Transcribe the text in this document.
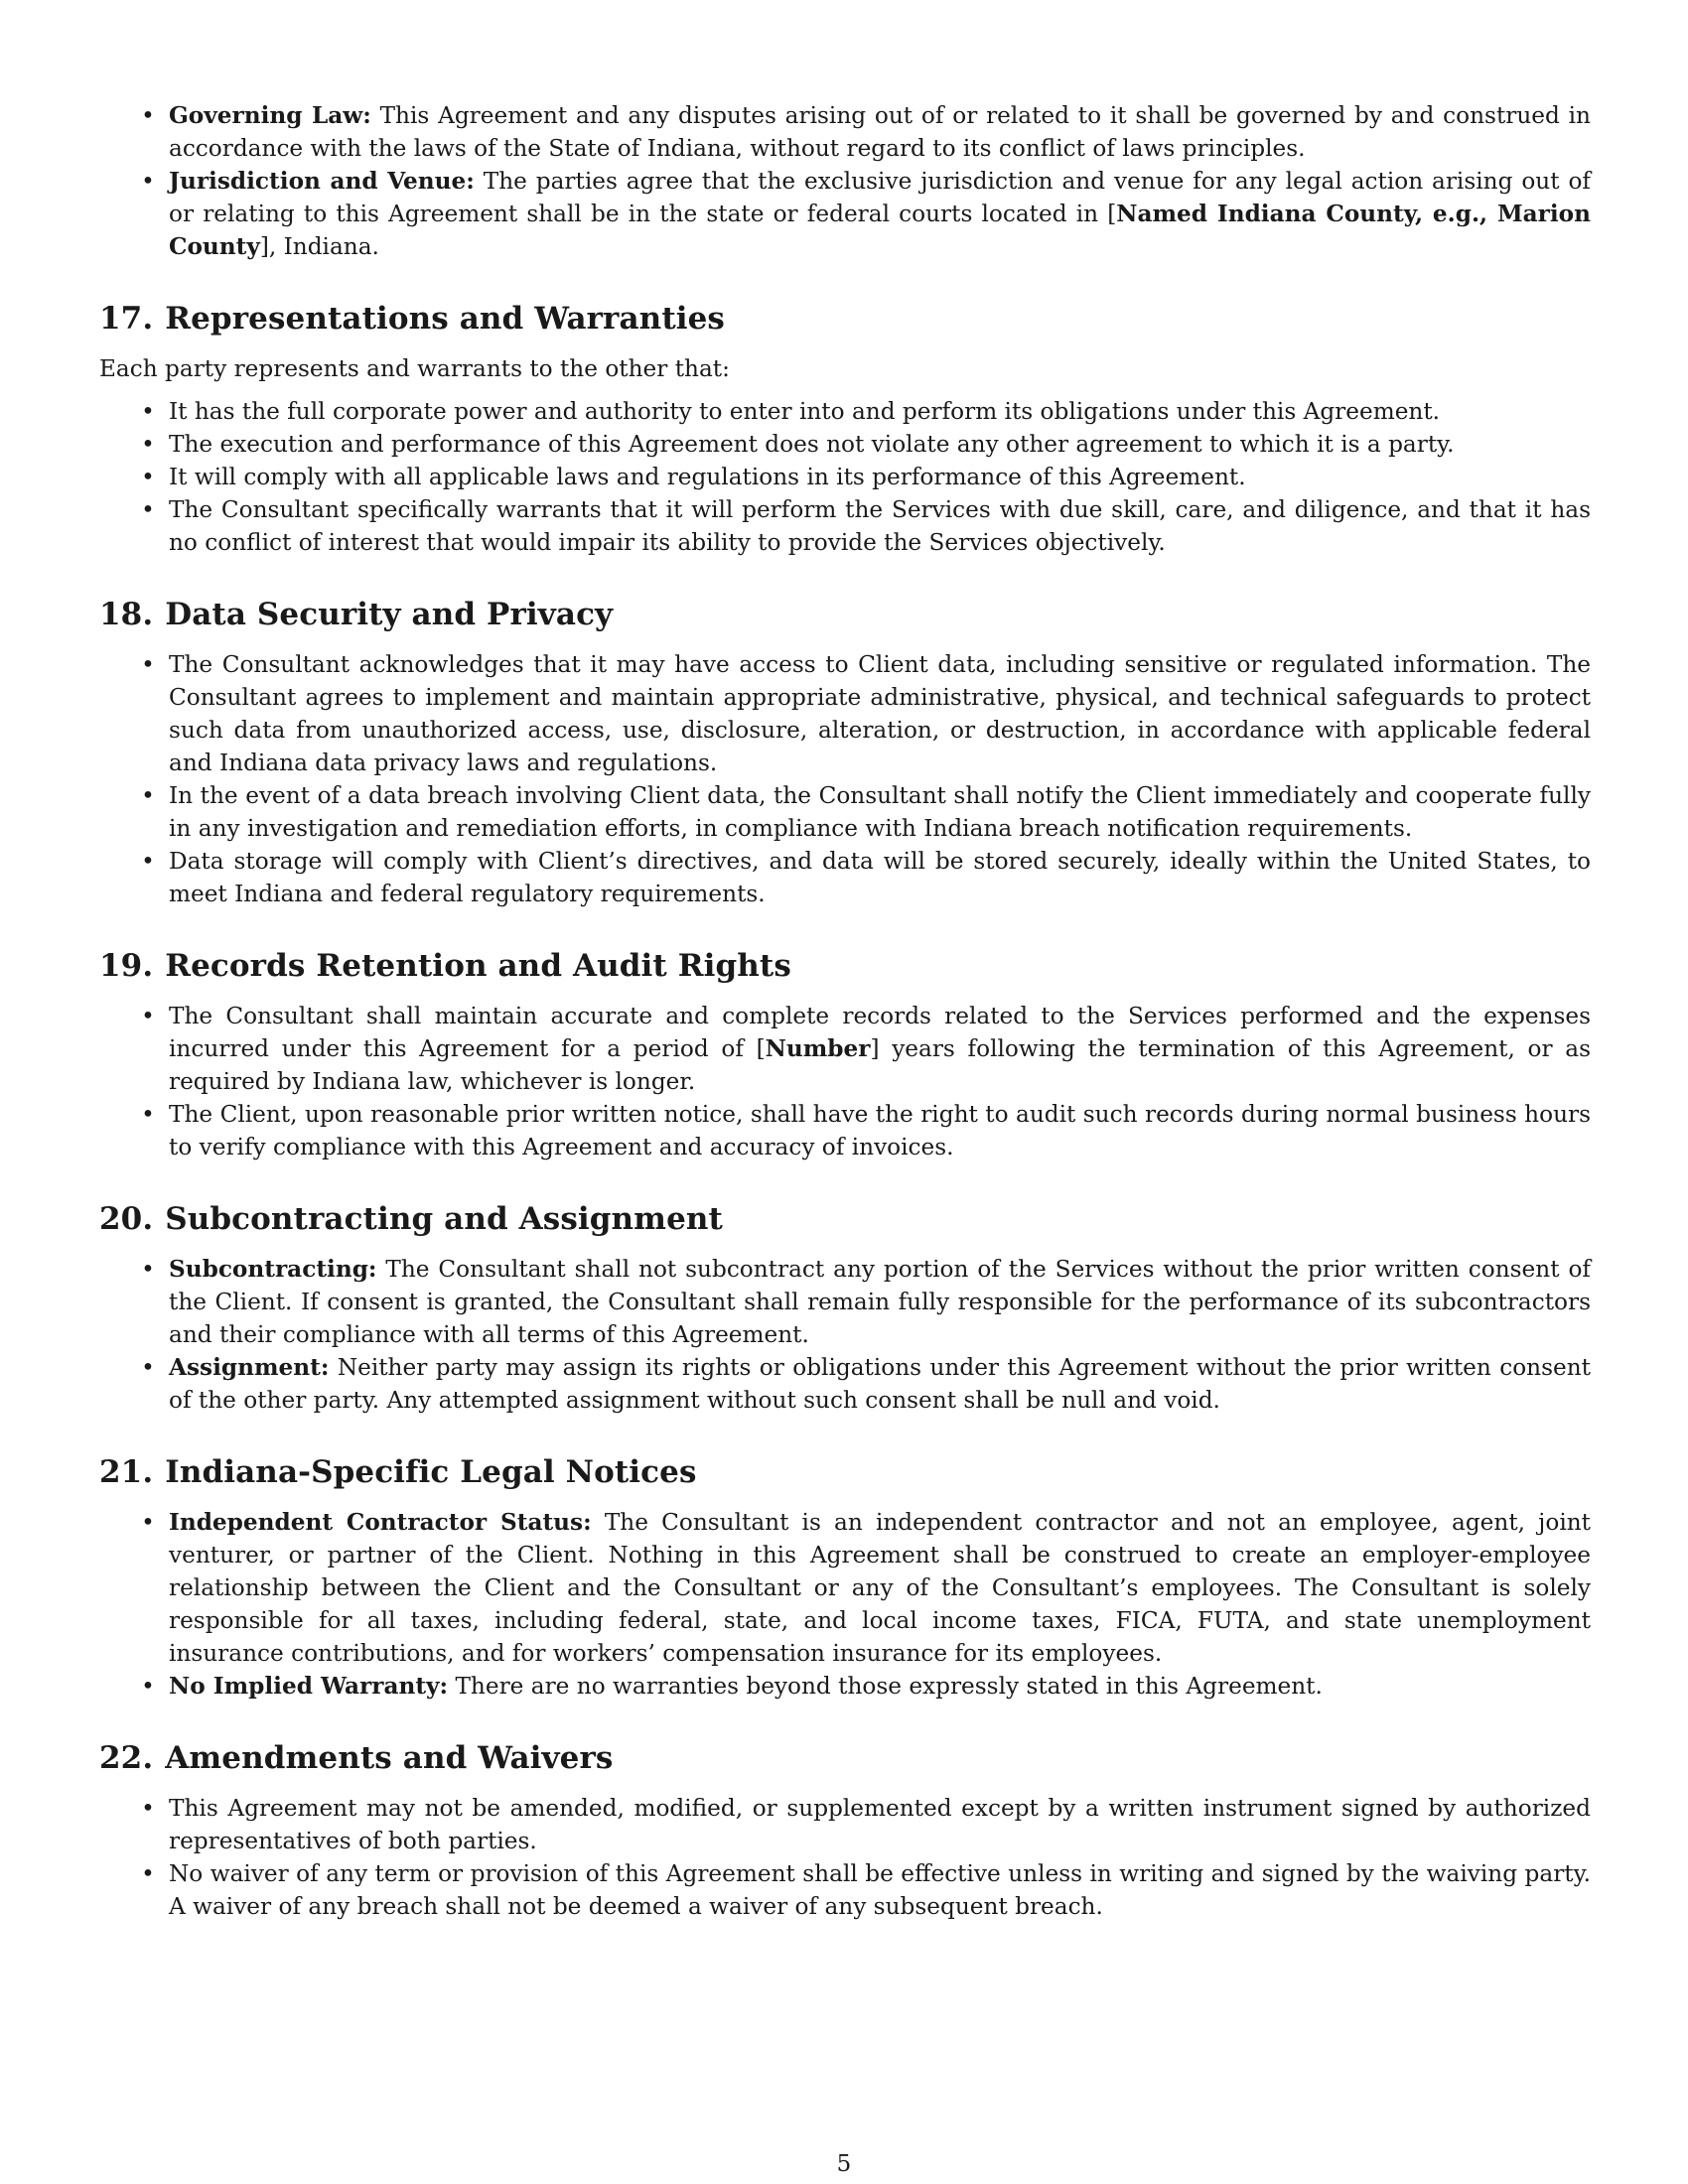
• Governing Law: This Agreement and any disputes arising out of or related to it shall be governed by and construed in accordance with the laws of the State of Indiana, without regard to its conflict of laws principles.
• Jurisdiction and Venue: The parties agree that the exclusive jurisdiction and venue for any legal action arising out of or relating to this Agreement shall be in the state or federal courts located in [Named Indiana County, e.g., Marion County], Indiana.
17. Representations and Warranties

Each party represents and warrants to the other that:

• It has the full corporate power and authority to enter into and perform its obligations under this Agreement.
• The execution and performance of this Agreement does not violate any other agreement to which it is a party.
• It will comply with all applicable laws and regulations in its performance of this Agreement.
• The Consultant specifically warrants that it will perform the Services with due skill, care, and diligence, and that it has no conflict of interest that would impair its ability to provide the Services objectively.
18. Data Security and Privacy
• The Consultant acknowledges that it may have access to Client data, including sensitive or regulated information. The Consultant agrees to implement and maintain appropriate administrative, physical, and technical safeguards to protect such data from unauthorized access, use, disclosure, alteration, or destruction, in accordance with applicable federal and Indiana data privacy laws and regulations.
• In the event of a data breach involving Client data, the Consultant shall notify the Client immediately and cooperate fully in any investigation and remediation efforts, in compliance with Indiana breach notification requirements.
• Data storage will comply with Client’s directives, and data will be stored securely, ideally within the United States, to meet Indiana and federal regulatory requirements.
19. Records Retention and Audit Rights
• The Consultant shall maintain accurate and complete records related to the Services performed and the expenses incurred under this Agreement for a period of [Number] years following the termination of this Agreement, or as required by Indiana law, whichever is longer.
• The Client, upon reasonable prior written notice, shall have the right to audit such records during normal business hours to verify compliance with this Agreement and accuracy of invoices.
20. Subcontracting and Assignment
• Subcontracting: The Consultant shall not subcontract any portion of the Services without the prior written consent of the Client. If consent is granted, the Consultant shall remain fully responsible for the performance of its subcontractors and their compliance with all terms of this Agreement.
• Assignment: Neither party may assign its rights or obligations under this Agreement without the prior written consent of the other party. Any attempted assignment without such consent shall be null and void.
21. Indiana-Specific Legal Notices
• Independent Contractor Status: The Consultant is an independent contractor and not an employee, agent, joint venturer, or partner of the Client. Nothing in this Agreement shall be construed to create an employer-employee relationship between the Client and the Consultant or any of the Consultant’s employees. The Consultant is solely responsible for all taxes, including federal, state, and local income taxes, FICA, FUTA, and state unemployment insurance contributions, and for workers’ compensation insurance for its employees.
• No Implied Warranty: There are no warranties beyond those expressly stated in this Agreement.
22. Amendments and Waivers
• This Agreement may not be amended, modified, or supplemented except by a written instrument signed by authorized representatives of both parties.
• No waiver of any term or provision of this Agreement shall be effective unless in writing and signed by the waiving party. A waiver of any breach shall not be deemed a waiver of any subsequent breach.
5
